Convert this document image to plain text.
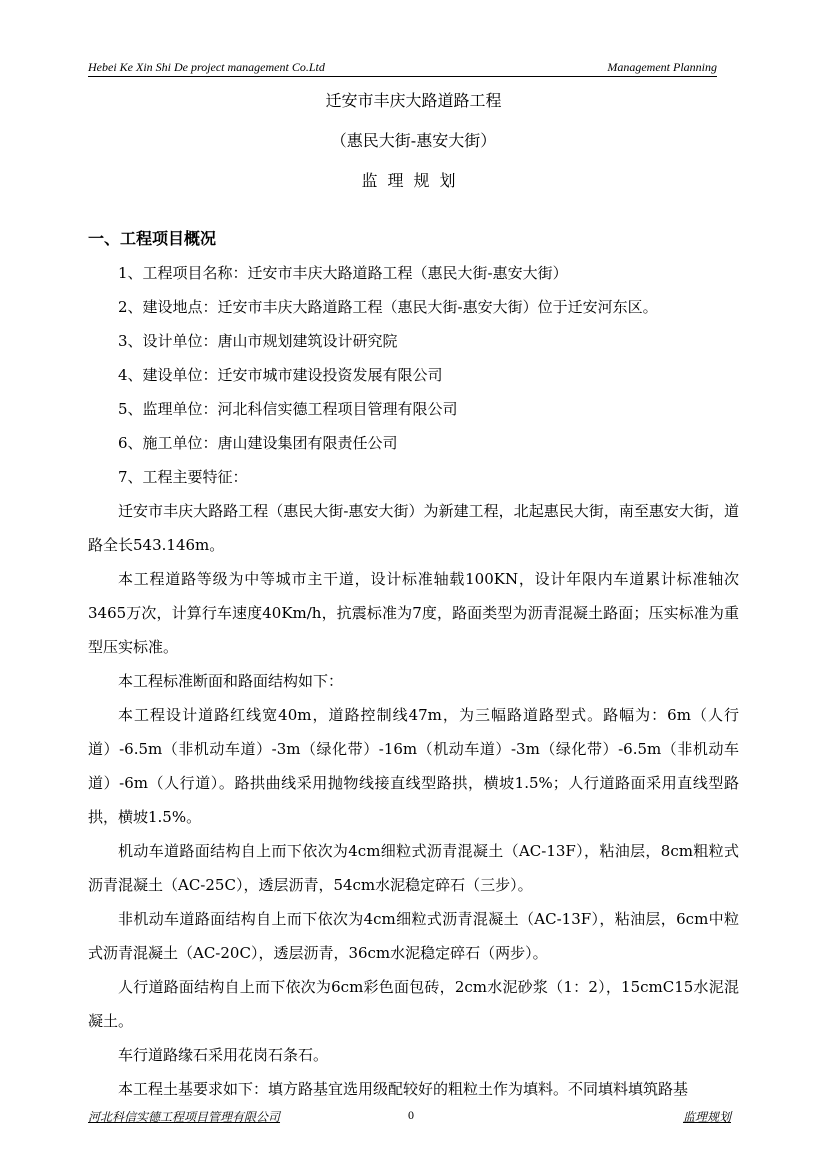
Hebei Ke Xin Shi De project management Co.Ltd	Management Planning
迁安市丰庆大路道路工程
（惠民大街-惠安大街）
监理规划
一、工程项目概况
1、工程项目名称：迁安市丰庆大路道路工程（惠民大街-惠安大街）
2、建设地点：迁安市丰庆大路道路工程（惠民大街-惠安大街）位于迁安河东区。
3、设计单位：唐山市规划建筑设计研究院
4、建设单位：迁安市城市建设投资发展有限公司
5、监理单位：河北科信实德工程项目管理有限公司
6、施工单位：唐山建设集团有限责任公司
7、工程主要特征：

迁安市丰庆大路路工程（惠民大街-惠安大街）为新建工程，北起惠民大街，南至惠安大街，道路全长543.146m。

本工程道路等级为中等城市主干道，设计标准轴载100KN，设计年限内车道累计标准轴次3465万次，计算行车速度40Km/h，抗震标准为7度，路面类型为沥青混凝土路面；压实标准为重型压实标准。

本工程标准断面和路面结构如下：

本工程设计道路红线宽40m，道路控制线47m，为三幅路道路型式。路幅为：6m（人行道）-6.5m（非机动车道）-3m（绿化带）-16m（机动车道）-3m（绿化带）-6.5m（非机动车道）-6m（人行道）。路拱曲线采用抛物线接直线型路拱，横坡1.5%；人行道路面采用直线型路拱，横坡1.5%。

机动车道路面结构自上而下依次为4cm细粒式沥青混凝土（AC-13F），粘油层，8cm粗粒式沥青混凝土（AC-25C），透层沥青，54cm水泥稳定碎石（三步）。

非机动车道路面结构自上而下依次为4cm细粒式沥青混凝土（AC-13F），粘油层，6cm中粒式沥青混凝土（AC-20C），透层沥青，36cm水泥稳定碎石（两步）。

人行道路面结构自上而下依次为6cm彩色面包砖，2cm水泥砂浆（1：2），15cmC15水泥混凝土。

车行道路缘石采用花岗石条石。

本工程土基要求如下：填方路基宜选用级配较好的粗粒土作为填料。不同填料填筑路基

河北科信实德工程项目管理有限公司	0	监理规划
